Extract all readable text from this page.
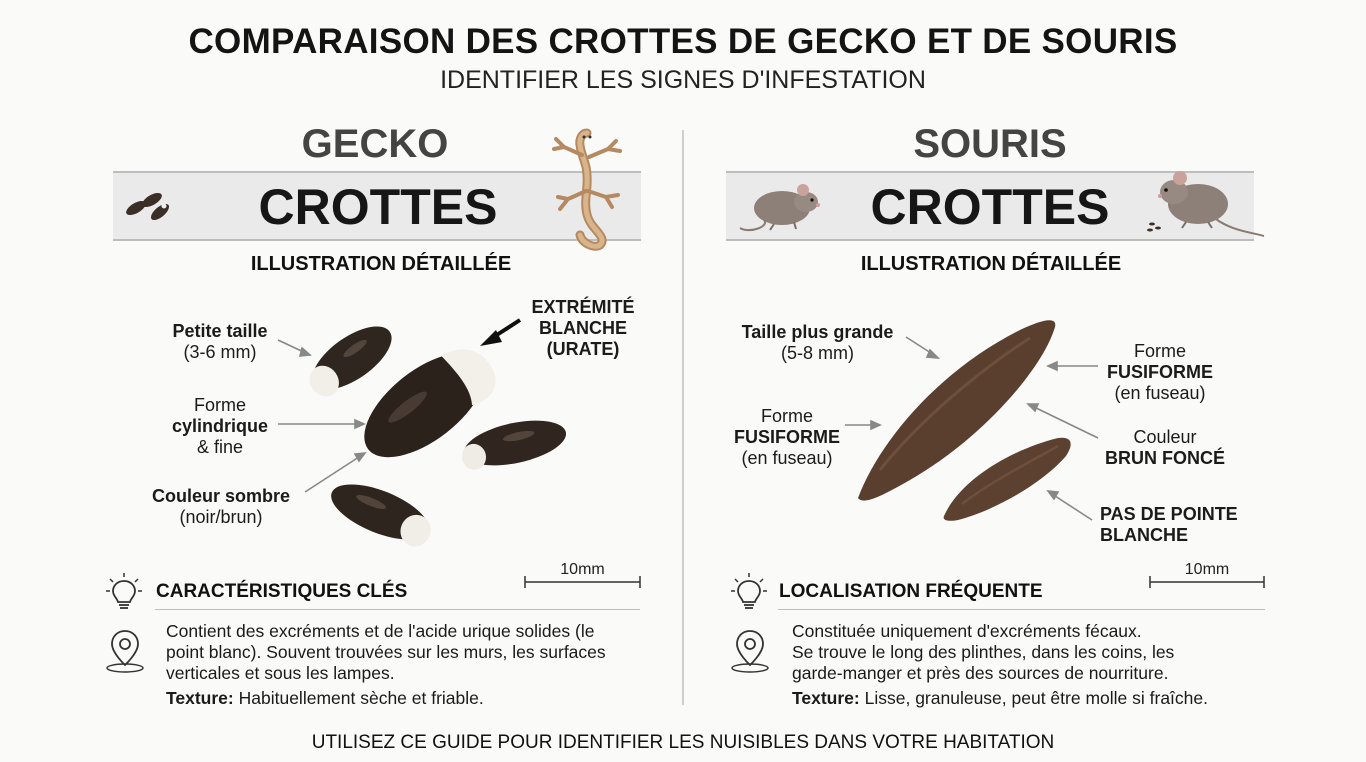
COMPARAISON DES CROTTES DE GECKO ET DE SOURIS
IDENTIFIER LES SIGNES D'INFESTATION
GECKO
CROTTES
ILLUSTRATION DÉTAILLÉE
Petite taille
(3-6 mm)
Forme
cylindrique
& fine
Couleur sombre
(noir/brun)
EXTRÉMITÉ
BLANCHE
(URATE)
10mm
CARACTÉRISTIQUES CLÉS
Contient des excréments et de l'acide urique solides (le
point blanc). Souvent trouvées sur les murs, les surfaces
verticales et sous les lampes.
Texture: Habituellement sèche et friable.
SOURIS
CROTTES
ILLUSTRATION DÉTAILLÉE
Taille plus grande
(5-8 mm)
Forme
FUSIFORME
(en fuseau)
Forme
FUSIFORME
(en fuseau)
Couleur
BRUN FONCÉ
PAS DE POINTE
BLANCHE
10mm
LOCALISATION FRÉQUENTE
Constituée uniquement d'excréments fécaux.
Se trouve le long des plinthes, dans les coins, les
garde-manger et près des sources de nourriture.
Texture: Lisse, granuleuse, peut être molle si fraîche.
UTILISEZ CE GUIDE POUR IDENTIFIER LES NUISIBLES DANS VOTRE HABITATION
